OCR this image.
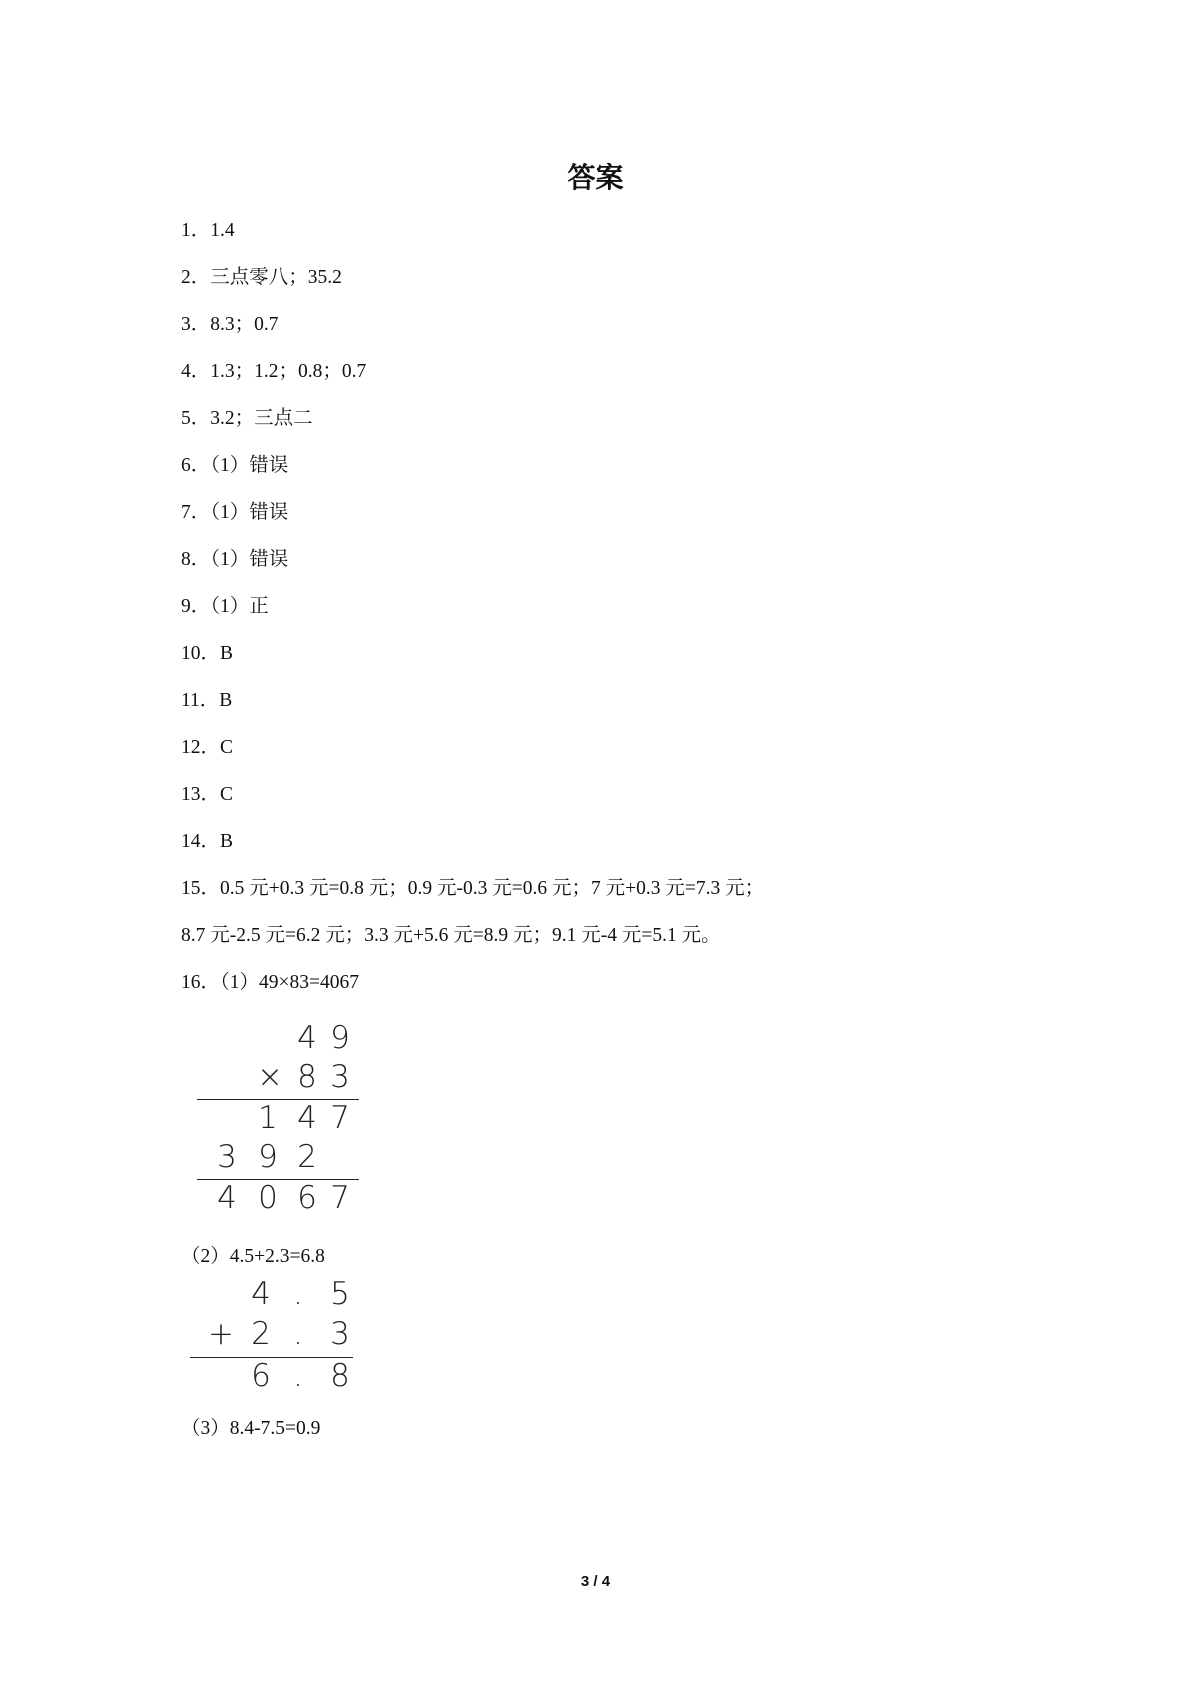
答案
1．1.4
2．三点零八；35.2
3．8.3；0.7
4．1.3；1.2；0.8；0.7
5．3.2；三点二
6．（1）错误
7．（1）错误
8．（1）错误
9．（1）正
10．B
11．B
12．C
13．C
14．B
15．0.5 元+0.3 元=0.8 元；0.9 元-0.3 元=0.6 元；7 元+0.3 元=7.3 元；
8.7 元-2.5 元=6.2 元；3.3 元+5.6 元=8.9 元；9.1 元-4 元=5.1 元。
16．（1）49×83=4067
4 9
× 8 3
1 4 7
3 9 2
4 0 6 7
（2）4.5+2.3=6.8
4 . 5
+ 2 . 3
6 . 8
（3）8.4-7.5=0.9
3 / 4
